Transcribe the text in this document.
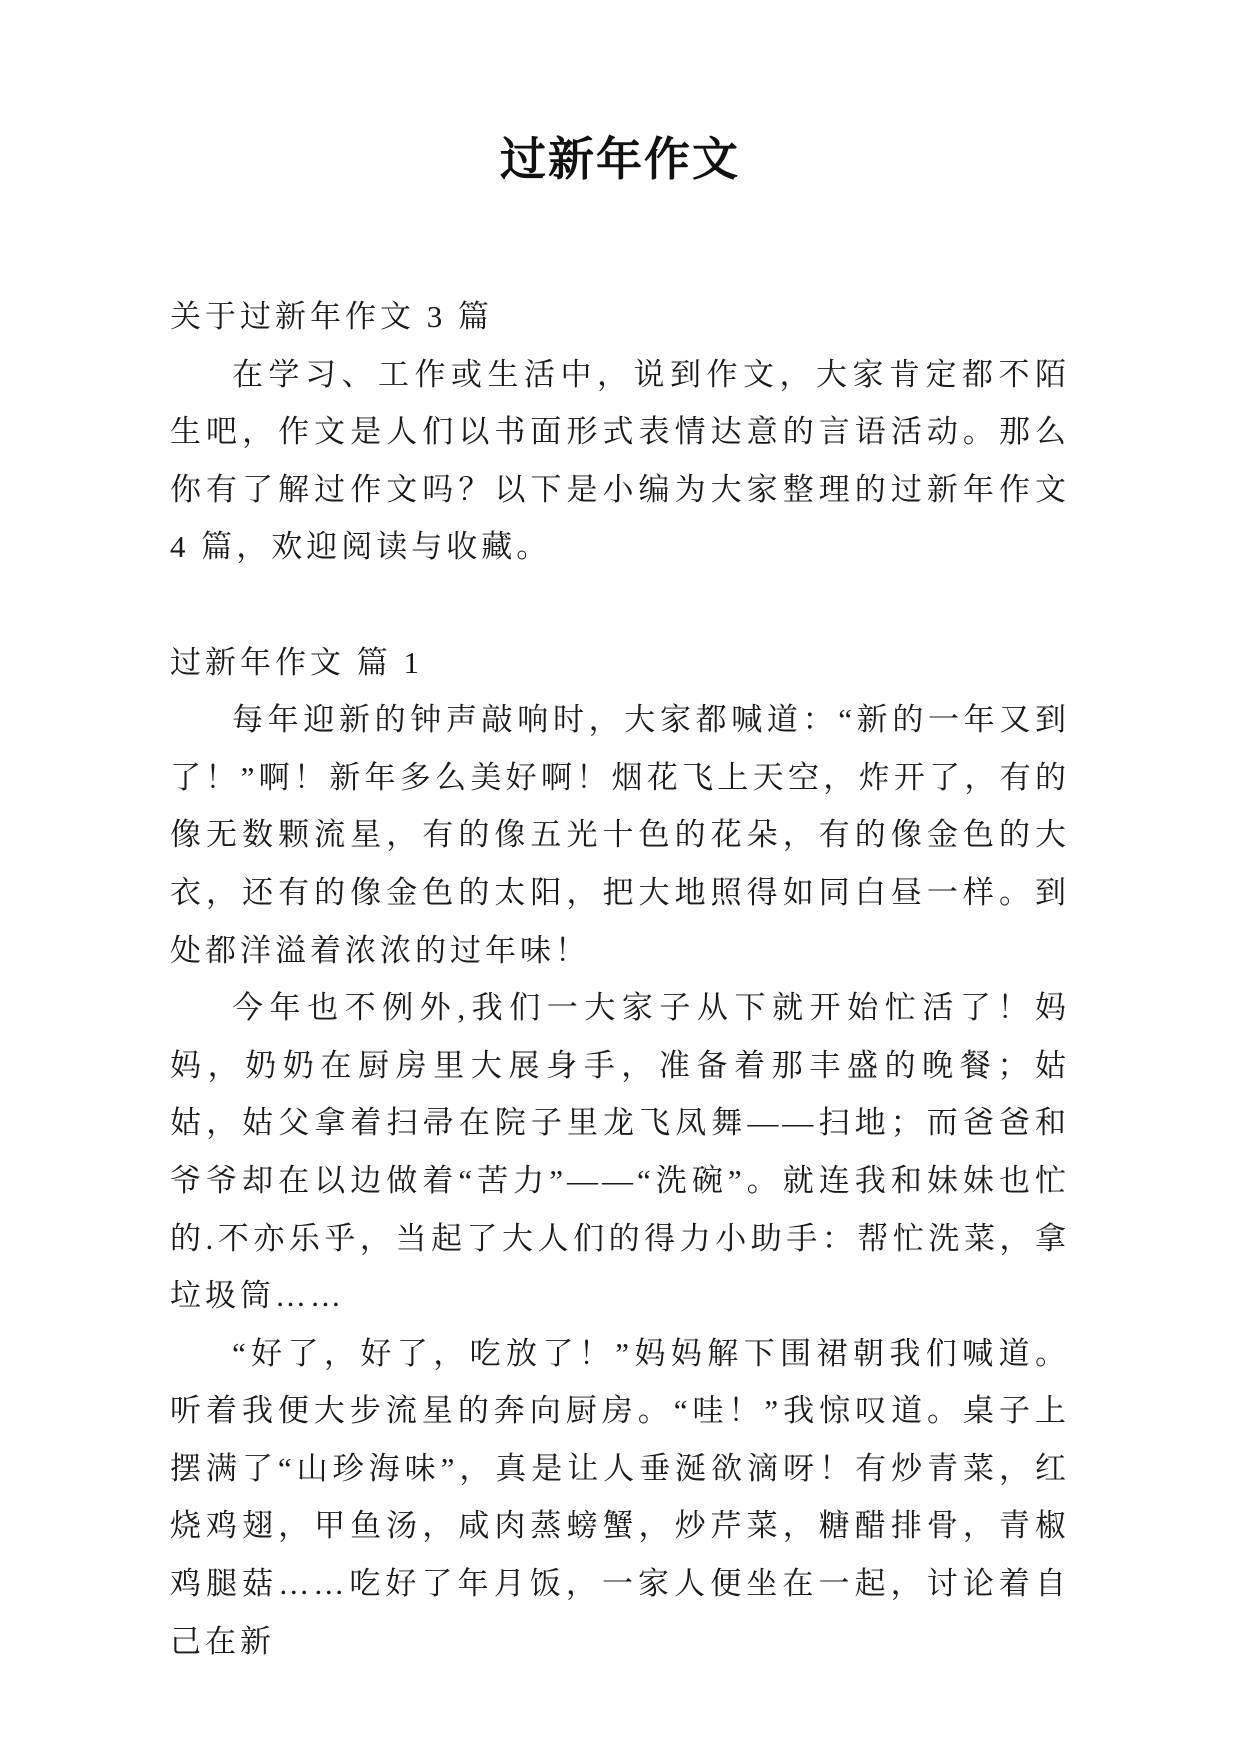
过新年作文

关于过新年作文 3 篇

在学习、工作或生活中，说到作文，大家肯定都不陌生吧，作文是人们以书面形式表情达意的言语活动。那么你有了解过作文吗？以下是小编为大家整理的过新年作文 4 篇，欢迎阅读与收藏。

过新年作文 篇 1

每年迎新的钟声敲响时，大家都喊道：“新的一年又到了！”啊！新年多么美好啊！烟花飞上天空，炸开了，有的像无数颗流星，有的像五光十色的花朵，有的像金色的大衣，还有的像金色的太阳，把大地照得如同白昼一样。到处都洋溢着浓浓的过年味！

今年也不例外,我们一大家子从下就开始忙活了！妈妈，奶奶在厨房里大展身手，准备着那丰盛的晚餐；姑姑，姑父拿着扫帚在院子里龙飞凤舞——扫地；而爸爸和爷爷却在以边做着“苦力”——“洗碗”。就连我和妹妹也忙的.不亦乐乎，当起了大人们的得力小助手：帮忙洗菜，拿垃圾筒……

“好了，好了，吃放了！”妈妈解下围裙朝我们喊道。听着我便大步流星的奔向厨房。“哇！”我惊叹道。桌子上摆满了“山珍海味”，真是让人垂涎欲滴呀！有炒青菜，红烧鸡翅，甲鱼汤，咸肉蒸螃蟹，炒芹菜，糖醋排骨，青椒鸡腿菇……吃好了年月饭，一家人便坐在一起，讨论着自己在新
